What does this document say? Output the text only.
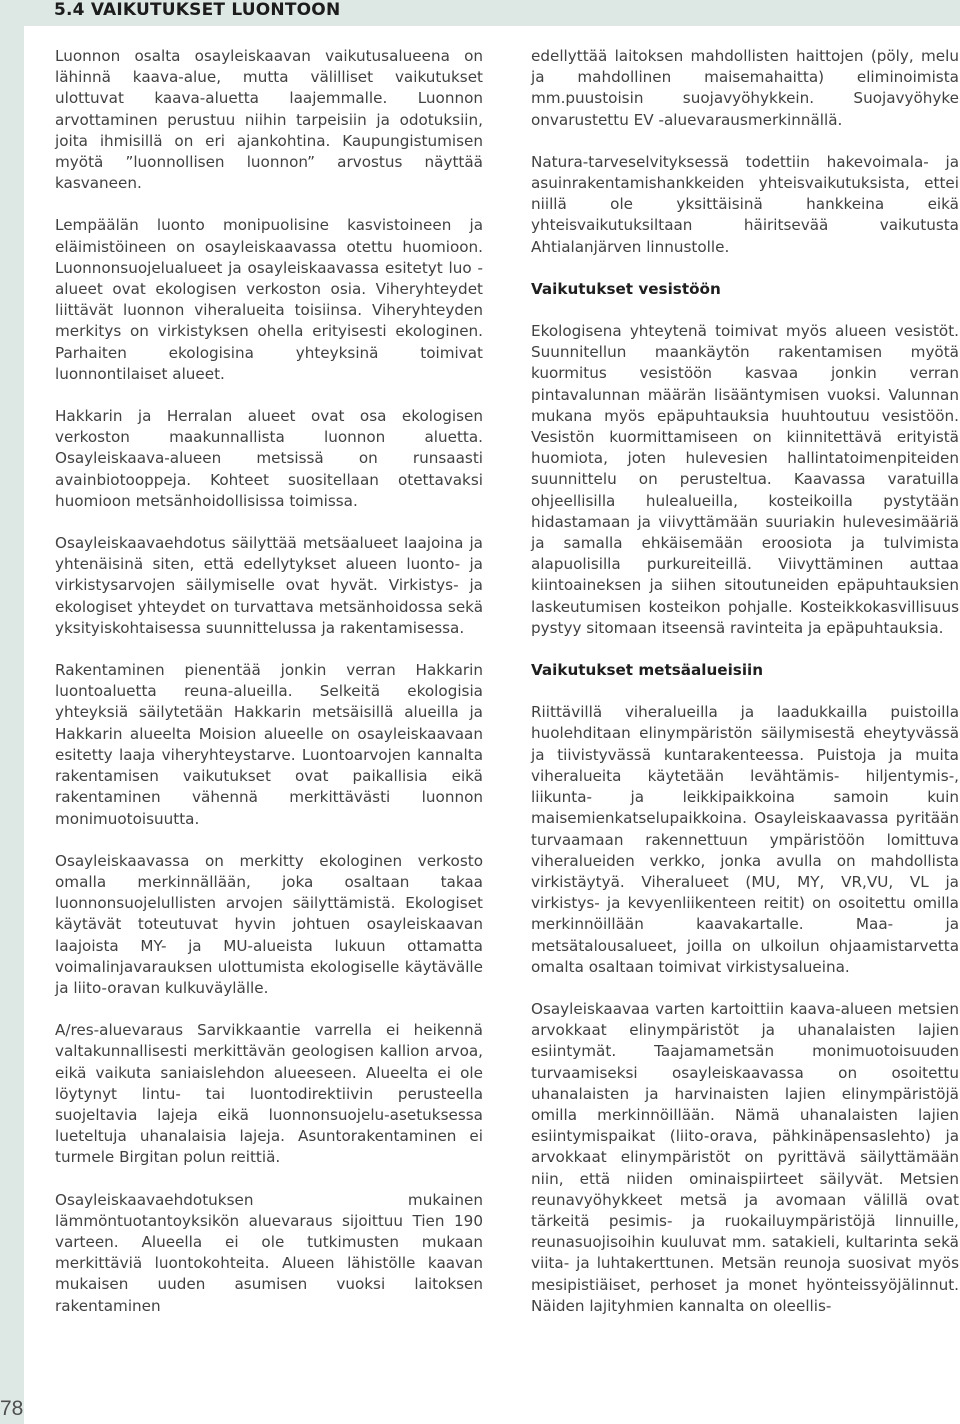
5.4 VAIKUTUKSET LUONTOON
78

Luonnon osalta osayleiskaavan vaikutusalueena on lähinnä kaava-alue, mutta välilliset vaikutukset ulottuvat kaava-aluetta laajemmalle. Luonnon arvottaminen perustuu niihin tarpeisiin ja odotuksiin, joita ihmisillä on eri ajankohtina. Kaupungistumisen myötä ”luonnollisen luonnon” arvostus näyttää kasvaneen.

Lempäälän luonto monipuolisine kasvistoineen ja eläimistöineen on osayleiskaavassa otettu huomioon. Luonnonsuojelualueet ja osayleiskaavassa esitetyt luo -alueet ovat ekologisen verkoston osia. Viheryhteydet liittävät luonnon viheralueita toisiinsa. Viheryhteyden merkitys on virkistyksen ohella erityisesti ekologinen. Parhaiten ekologisina yhteyksinä toimivat luonnontilaiset alueet.

Hakkarin ja Herralan alueet ovat osa ekologisen verkoston maakunnallista luonnon aluetta. Osayleiskaava-alueen metsissä on runsaasti avainbiotooppeja. Kohteet suositellaan otettavaksi huomioon metsänhoidollisissa toimissa.

Osayleiskaavaehdotus säilyttää metsäalueet laajoina ja yhtenäisinä siten, että edellytykset alueen luonto- ja virkistysarvojen säilymiselle ovat hyvät. Virkistys- ja ekologiset yhteydet on turvattava metsänhoidossa sekä yksityiskohtaisessa suunnittelussa ja rakentamisessa.

Rakentaminen pienentää jonkin verran Hakkarin luontoaluetta reuna-alueilla. Selkeitä ekologisia yhteyksiä säilytetään Hakkarin metsäisillä alueilla ja Hakkarin alueelta Moision alueelle on osayleiskaavaan esitetty laaja viheryhteystarve. Luontoarvojen kannalta rakentamisen vaikutukset ovat paikallisia eikä rakentaminen vähennä merkittävästi luonnon monimuotoisuutta.

Osayleiskaavassa on merkitty ekologinen verkosto omalla merkinnällään, joka osaltaan takaa luonnonsuojelullisten arvojen säilyttämistä. Ekologiset käytävät toteutuvat hyvin johtuen osayleiskaavan laajoista MY- ja MU-alueista lukuun ottamatta voimalinjavarauksen ulottumista ekologiselle käytävälle ja liito-oravan kulkuväylälle.

A/res-aluevaraus Sarvikkaantie varrella ei heikennä valtakunnallisesti merkittävän geologisen kallion arvoa, eikä vaikuta saniaislehdon alueeseen. Alueelta ei ole löytynyt lintu- tai luontodirektiivin perusteella suojeltavia lajeja eikä luonnonsuojelu-asetuksessa lueteltuja uhanalaisia lajeja. Asuntorakentaminen ei turmele Birgitan polun reittiä.

Osayleiskaavaehdotuksen mukainen lämmöntuotantoyksikön aluevaraus sijoittuu Tien 190 varteen. Alueella ei ole tutkimusten mukaan merkittäviä luontokohteita. Alueen lähistölle kaavan mukaisen uuden asumisen vuoksi laitoksen rakentaminen

edellyttää laitoksen mahdollisten haittojen (pöly, melu ja mahdollinen maisemahaitta) eliminoimista mm.puustoisin suojavyöhykkein. Suojavyöhyke onvarustettu EV -aluevarausmerkinnällä.

Natura-tarveselvityksessä todettiin hakevoimala- ja asuinrakentamishankkeiden yhteisvaikutuksista, ettei niillä ole yksittäisinä hankkeina eikä yhteisvaikutuksiltaan häiritsevää vaikutusta Ahtialanjärven linnustolle.

Vaikutukset vesistöön

Ekologisena yhteytenä toimivat myös alueen vesistöt. Suunnitellun maankäytön rakentamisen myötä kuormitus vesistöön kasvaa jonkin verran pintavalunnan määrän lisääntymisen vuoksi. Valunnan mukana myös epäpuhtauksia huuhtoutuu vesistöön. Vesistön kuormittamiseen on kiinnitettävä erityistä huomiota, joten hulevesien hallintatoimenpiteiden suunnittelu on perusteltua. Kaavassa varatuilla ohjeellisilla hulealueilla, kosteikoilla pystytään hidastamaan ja viivyttämään suuriakin hulevesimääriä ja samalla ehkäisemään eroosiota ja tulvimista alapuolisilla purkureiteillä. Viivyttäminen auttaa kiintoaineksen ja siihen sitoutuneiden epäpuhtauksien laskeutumisen kosteikon pohjalle. Kosteikkokasvillisuus pystyy sitomaan itseensä ravinteita ja epäpuhtauksia.

Vaikutukset metsäalueisiin

Riittävillä viheralueilla ja laadukkailla puistoilla huolehditaan elinympäristön säilymisestä eheytyvässä ja tiivistyvässä kuntarakenteessa. Puistoja ja muita viheralueita käytetään levähtämis- hiljentymis-, liikunta- ja leikkipaikkoina samoin kuin maisemienkatselupaikkoina. Osayleiskaavassa pyritään turvaamaan rakennettuun ympäristöön lomittuva viheralueiden verkko, jonka avulla on mahdollista virkistäytyä. Viheralueet (MU, MY, VR,VU, VL ja virkistys- ja kevyenliikenteen reitit) on osoitettu omilla merkinnöillään kaavakartalle. Maa- ja metsätalousalueet, joilla on ulkoilun ohjaamistarvetta omalta osaltaan toimivat virkistysalueina.

Osayleiskaavaa varten kartoittiin kaava-alueen metsien arvokkaat elinympäristöt ja uhanalaisten lajien esiintymät. Taajamametsän monimuotoisuuden turvaamiseksi osayleiskaavassa on osoitettu uhanalaisten ja harvinaisten lajien elinympäristöjä omilla merkinnöillään. Nämä uhanalaisten lajien esiintymispaikat (liito-orava, pähkinäpensaslehto) ja arvokkaat elinympäristöt on pyrittävä säilyttämään niin, että niiden ominaispiirteet säilyvät. Metsien reunavyöhykkeet metsä ja avomaan välillä ovat tärkeitä pesimis- ja ruokailuympäristöjä linnuille, reunasuojisoihin kuuluvat mm. satakieli, kultarinta sekä viita- ja luhtakerttunen. Metsän reunoja suosivat myös mesipistiäiset, perhoset ja monet hyönteissyöjälinnut. Näiden lajityhmien kannalta on oleellis-
